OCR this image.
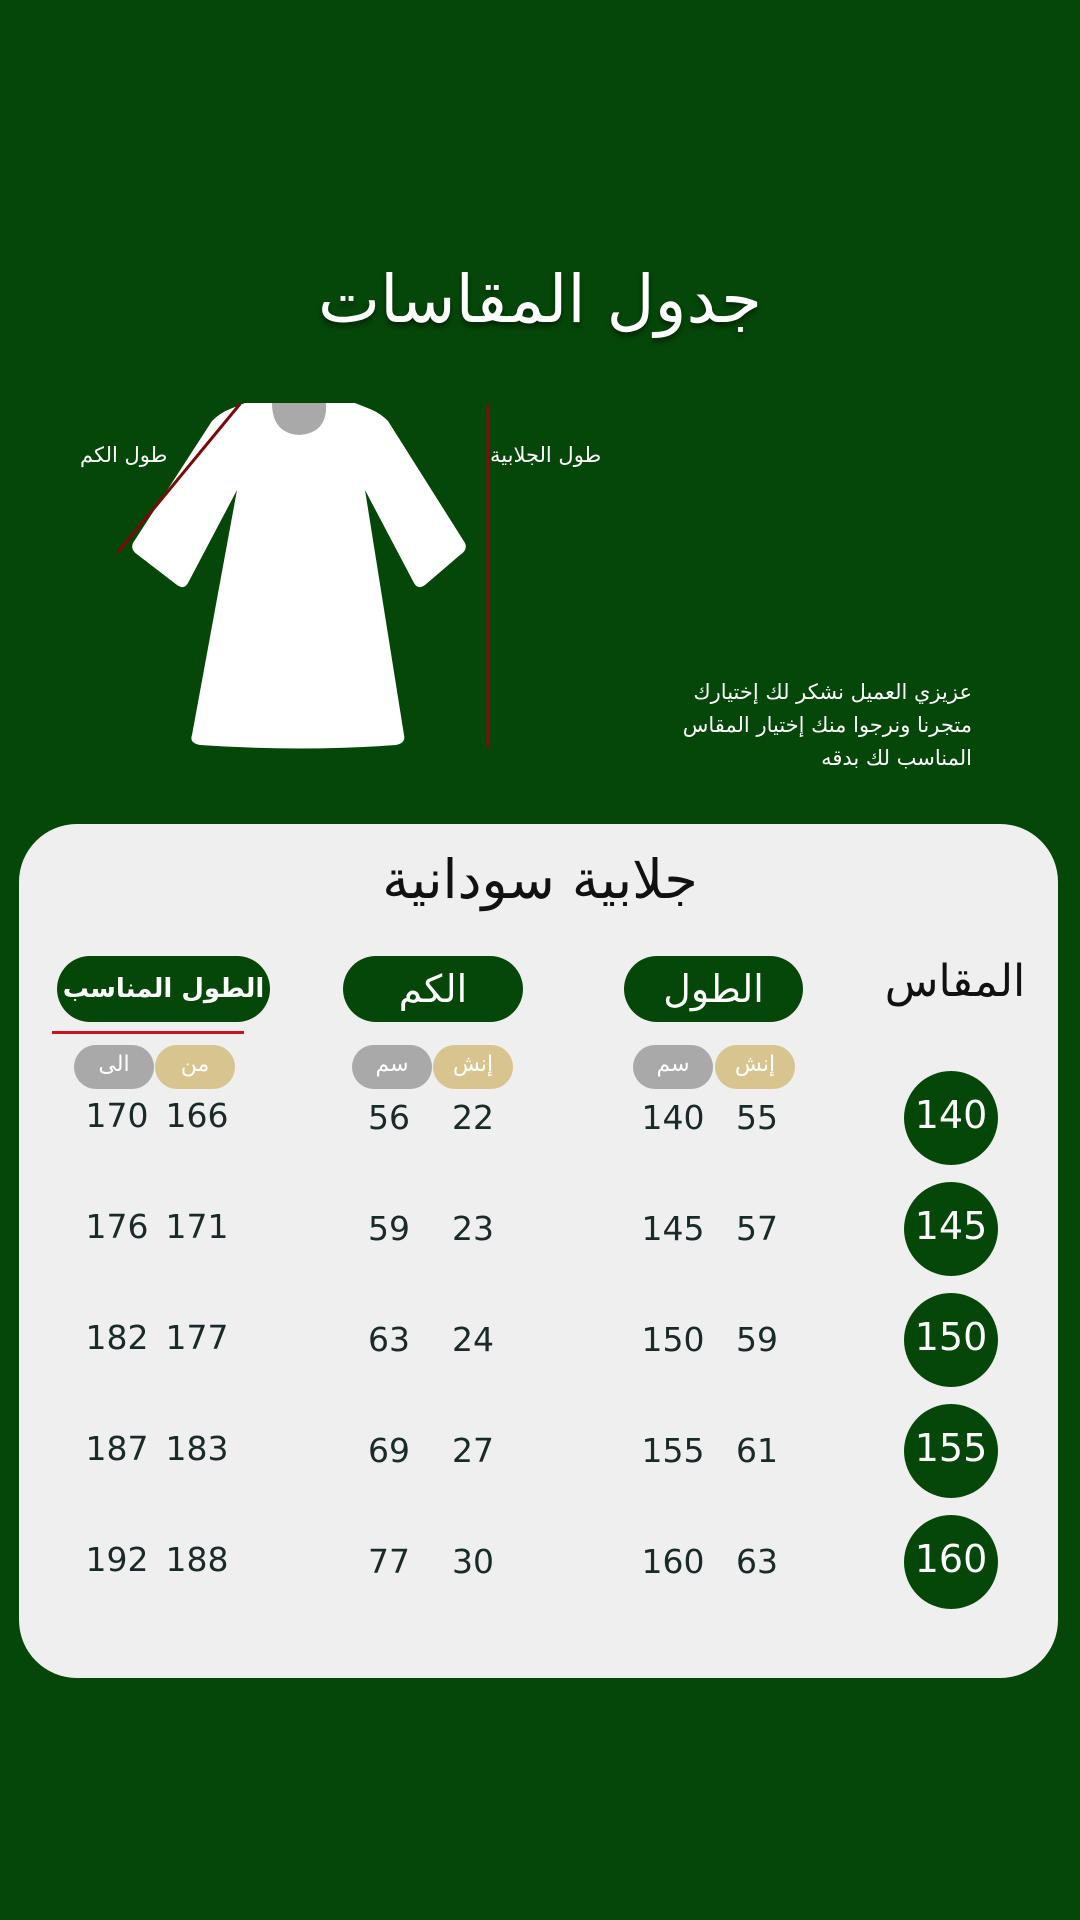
جدول المقاسات
طول الكم	طول الجلابية
عزيزي العميل نشكر لك إختيارك
متجرنا ونرجوا منك إختيار المقاس
المناسب لك بدقه
جلابية سودانية
المقاس
الطول
الكم
الطول المناسب
إنش
سم
إنش
سم
من
الى
140
55
140
22
56
166
170
145
57
145
23
59
171
176
150
59
150
24
63
177
182
155
61
155
27
69
183
187
160
63
160
30
77
188
192
